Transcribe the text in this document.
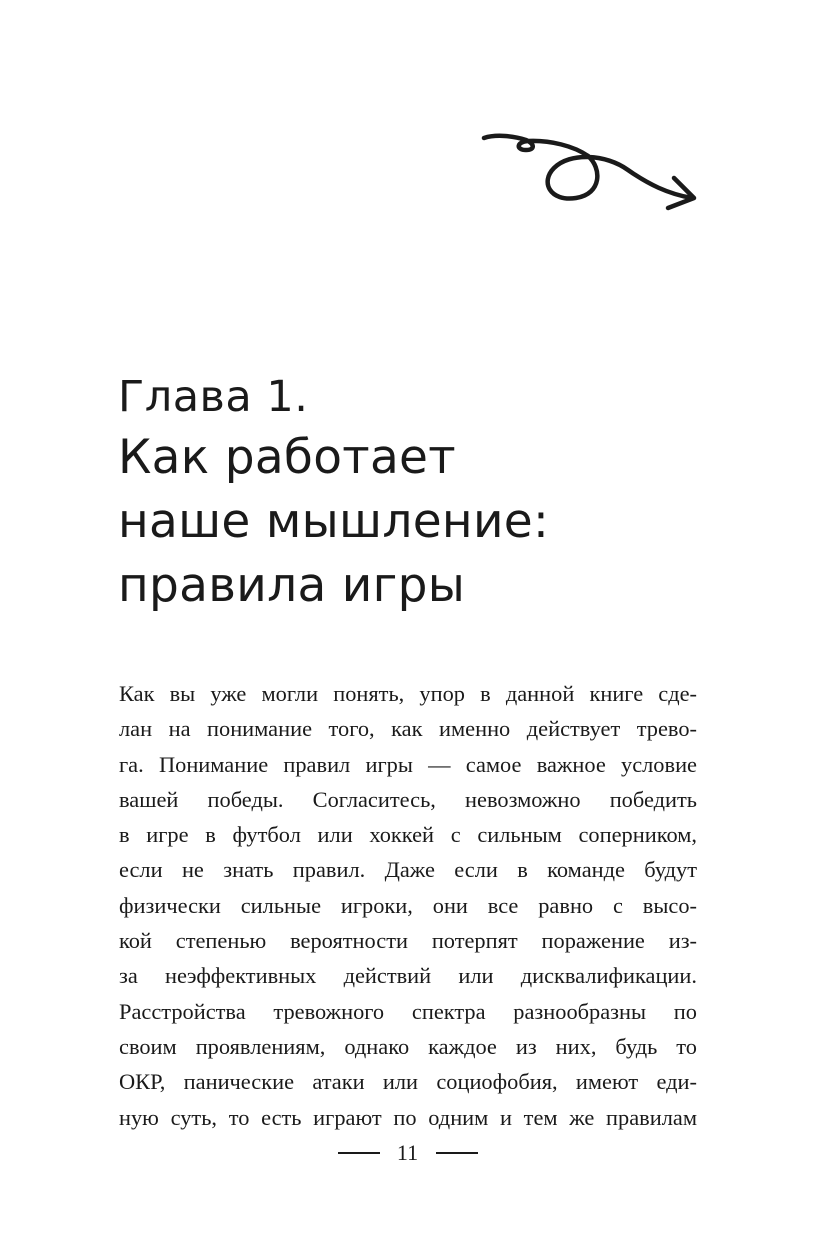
Глава 1.
Как работает
наше мышление:
правила игры
Как вы уже могли понять, упор в данной книге сде-
лан на понимание того, как именно действует трево-
га. Понимание правил игры — самое важное условие
вашей победы. Согласитесь, невозможно победить
в игре в футбол или хоккей с сильным соперником,
если не знать правил. Даже если в команде будут
физически сильные игроки, они все равно с высо-
кой степенью вероятности потерпят поражение из-
за неэффективных действий или дисквалификации.
Расстройства тревожного спектра разнообразны по
своим проявлениям, однако каждое из них, будь то
ОКР, панические атаки или социофобия, имеют еди-
ную суть, то есть играют по одним и тем же правилам
11
